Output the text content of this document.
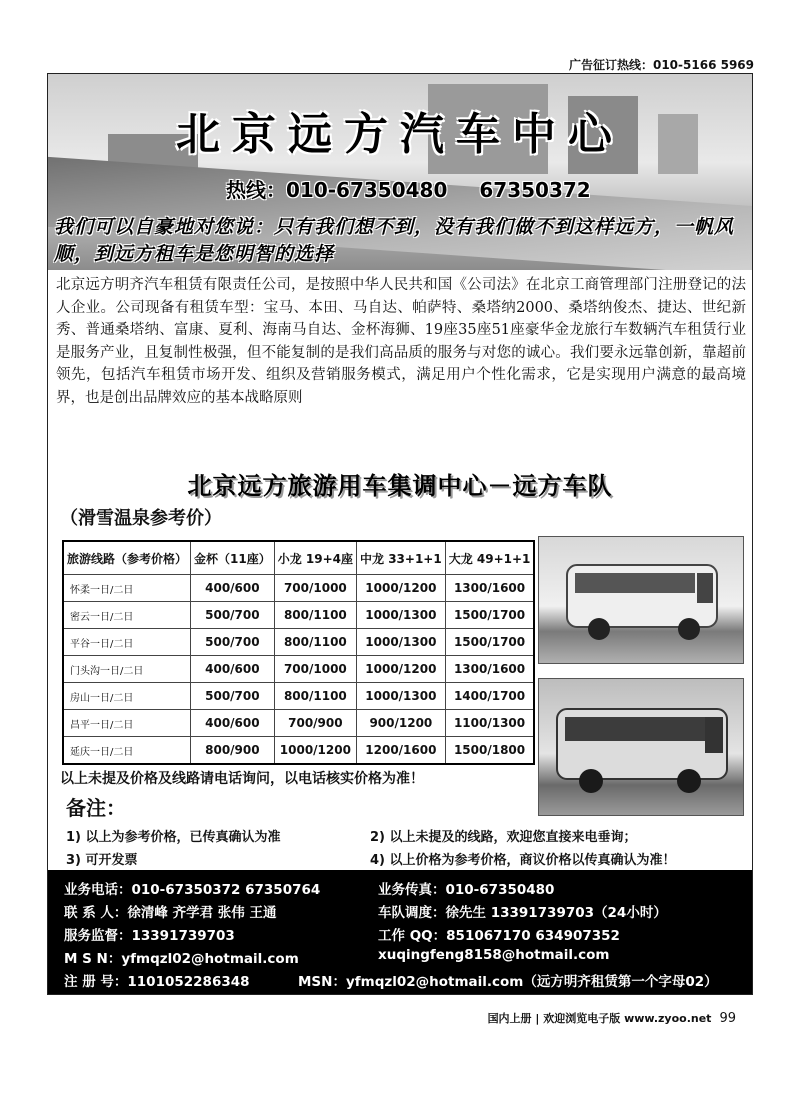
广告征订热线：010-5166 5969
北京远方汽车中心
热线：010-67350480 67350372
我们可以自豪地对您说：只有我们想不到，没有我们做不到这样远方，一帆风顺，到远方租车是您明智的选择
北京远方明齐汽车租赁有限责任公司，是按照中华人民共和国《公司法》在北京工商管理部门注册登记的法人企业。公司现备有租赁车型：宝马、本田、马自达、帕萨特、桑塔纳2000、桑塔纳俊杰、捷达、世纪新秀、普通桑塔纳、富康、夏利、海南马自达、金杯海狮、19座35座51座豪华金龙旅行车数辆汽车租赁行业是服务产业，且复制性极强，但不能复制的是我们高品质的服务与对您的诚心。我们要永远靠创新，靠超前领先，包括汽车租赁市场开发、组织及营销服务模式，满足用户个性化需求，它是实现用户满意的最高境界，也是创出品牌效应的基本战略原则
北京远方旅游用车集调中心－远方车队
（滑雪温泉参考价）
旅游线路（参考价格）	金杯（11座）	小龙 19+4座	中龙 33+1+1	大龙 49+1+1
怀柔一日/二日	400/600	700/1000	1000/1200	1300/1600
密云一日/二日	500/700	800/1100	1000/1300	1500/1700
平谷一日/二日	500/700	800/1100	1000/1300	1500/1700
门头沟一日/二日	400/600	700/1000	1000/1200	1300/1600
房山一日/二日	500/700	800/1100	1000/1300	1400/1700
昌平一日/二日	400/600	700/900	900/1200	1100/1300
延庆一日/二日	800/900	1000/1200	1200/1600	1500/1800
以上未提及价格及线路请电话询问，以电话核实价格为准！
备注：
1) 以上为参考价格，已传真确认为准	2) 以上未提及的线路，欢迎您直接来电垂询；
3) 可开发票	4) 以上价格为参考价格，商议价格以传真确认为准！
业务电话：010-67350372 67350764	业务传真：010-67350480
联 系 人：徐清峰 齐学君 张伟 王通	车队调度：徐先生 13391739703（24小时）
服务监督：13391739703	工作 QQ：851067170 634907352
M S N：yfmqzl02@hotmail.com	xuqingfeng8158@hotmail.com
注 册 号：1101052286348	MSN：yfmqzl02@hotmail.com（远方明齐租赁第一个字母02）
国内上册 | 欢迎浏览电子版 www.zyoo.net 99
